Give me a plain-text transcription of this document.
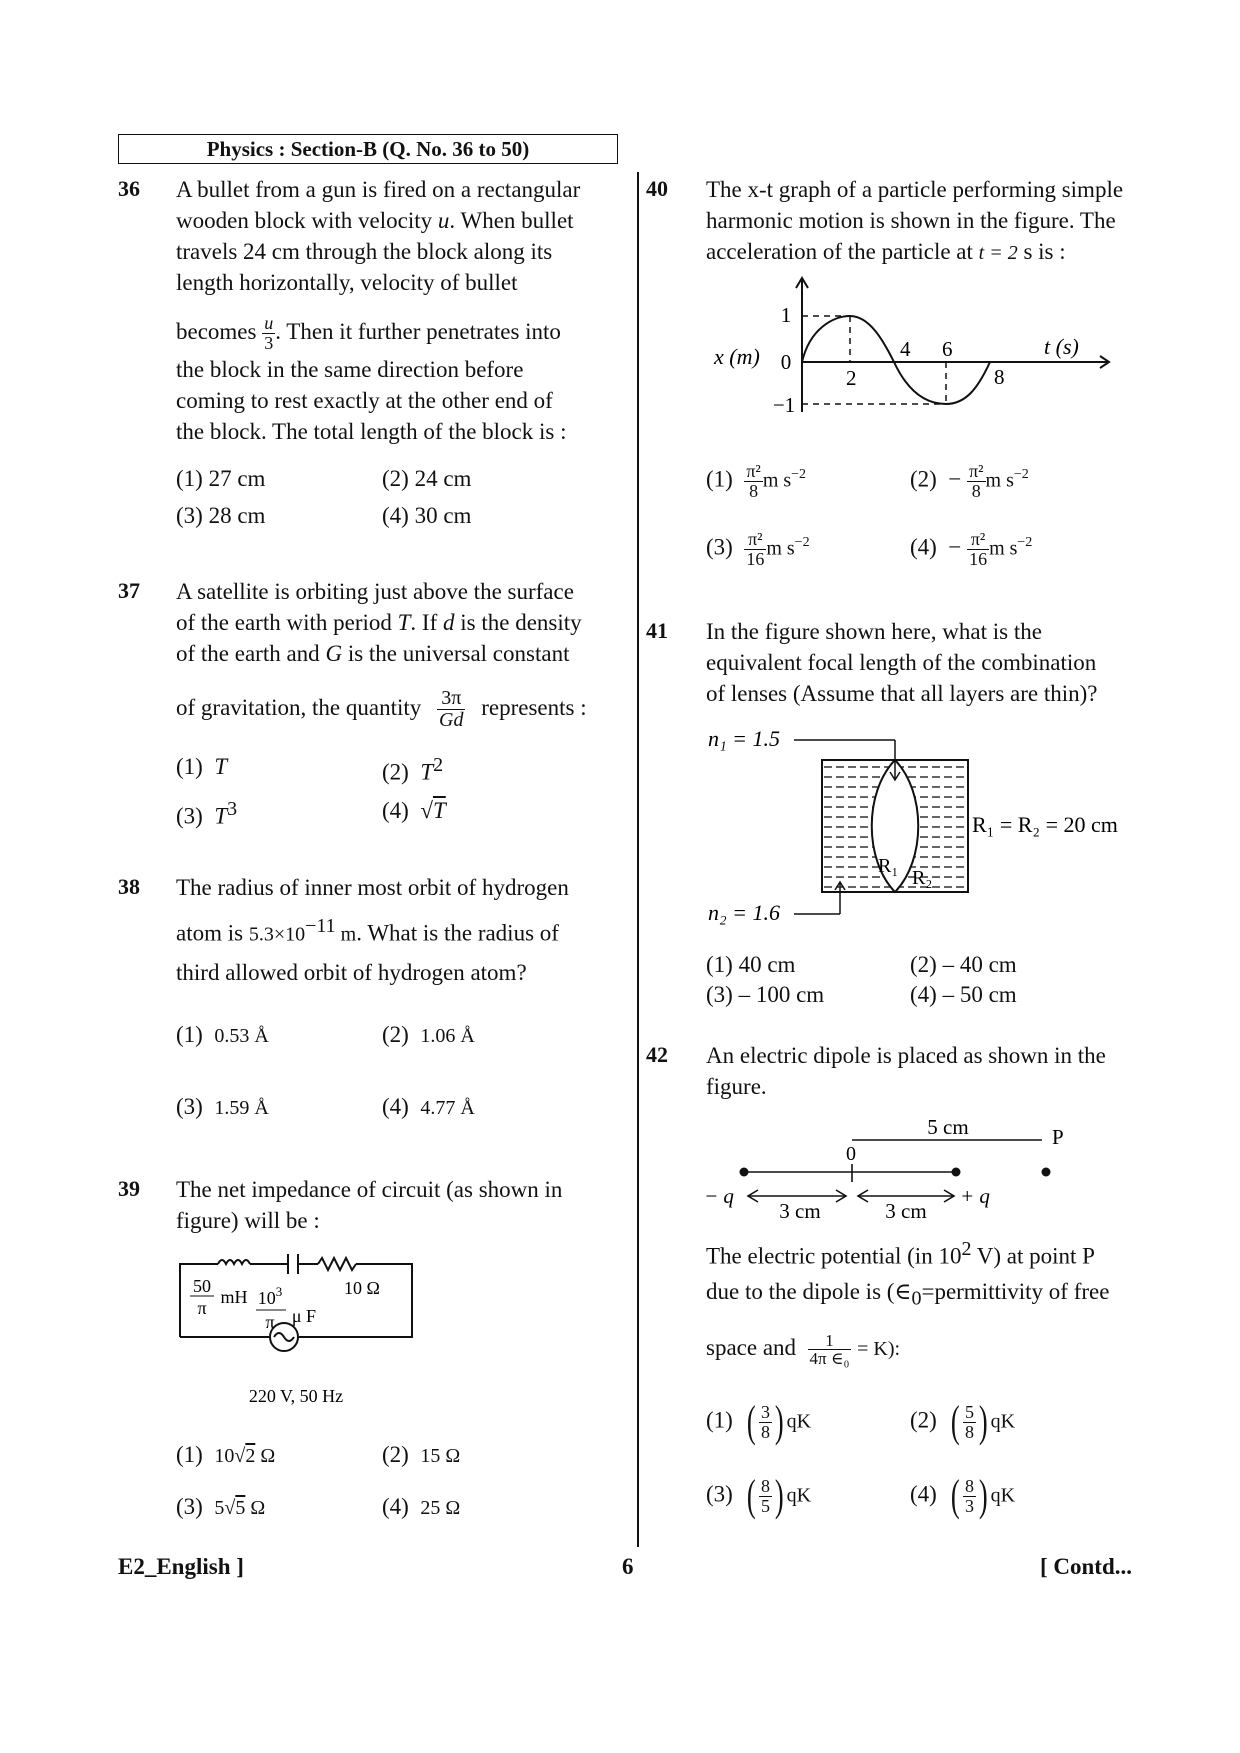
Physics : Section-B (Q. No. 36 to 50)
36 A bullet from a gun is fired on a rectangular
wooden block with velocity u. When bullet
travels 24 cm through the block along its
length horizontally, velocity of bullet
becomes $\frac{u}{3}$ . Then it further penetrates into
the block in the same direction before
coming to rest exactly at the other end of
the block. The total length of the block is :
(1) 27 cm	(2) 24 cm
(3) 28 cm	(4) 30 cm
37 A satellite is orbiting just above the surface
of the earth with period T. If d is the density
of the earth and G is the universal constant
of gravitation, the quantity $\frac{3\pi}{Gd}$ represents :
(1) T	(2) $T^2$
(3) $T^3$	(4) √T
38 The radius of inner most orbit of hydrogen
atom is $5.3\times 10^{-11}$ m. What is the radius of
third allowed orbit of hydrogen atom?
(1) 0.53 Å	(2) 1.06 Å
(3) 1.59 Å	(4) 4.77 Å
39 The net impedance of circuit (as shown in
figure) will be :
50
π
mH $10^3$
π μ F
10 Ω
220 V, 50 Hz
(1) 10√2 Ω	(2) 15 Ω
(3) 5√5 Ω	(4) 25 Ω
40 The x-t graph of a particle performing simple
harmonic motion is shown in the figure. The
acceleration of the particle at t = 2 s is :
1
0
−1
x (m)	t (s)
2
4 6
8
$(1) \frac{\text{π²}}{8}$ m $s^{-2}$	$(2) - \frac{\text{π²}}{8}$ m $s^{-2}$
$(3) \frac{\text{π²}}{16}$ m $s^{-2}$	$(4) - \frac{\text{π²}}{16}$ m $s^{-2}$
41 In the figure shown here, what is the
equivalent focal length of the combination
of lenses (Assume that all layers are thin)?
n₁ = 1.5
n₂ = 1.6
R₁ = R₂ = 20 cm
R₁
R₂
(1) 40 cm	(2) – 40 cm
(3) – 100 cm	(4) – 50 cm
42 An electric dipole is placed as shown in the
figure.
5 cm	P
0
− q	+ q
3 cm	3 cm
The electric potential (in $10^2$ V) at point P
due to the dipole is ($\in_0=permittivity$ of free
space and $\frac{1}{\text{4π ∈₀}} = K$):
(1) ( $\frac{3}{8}$ ) qK	(2) ( $\frac{5}{8}$ ) qK
(3) ( $\frac{8}{5}$ ) qK	(4) ( $\frac{8}{3}$ ) qK
E2_English ]	6	[ Contd...
